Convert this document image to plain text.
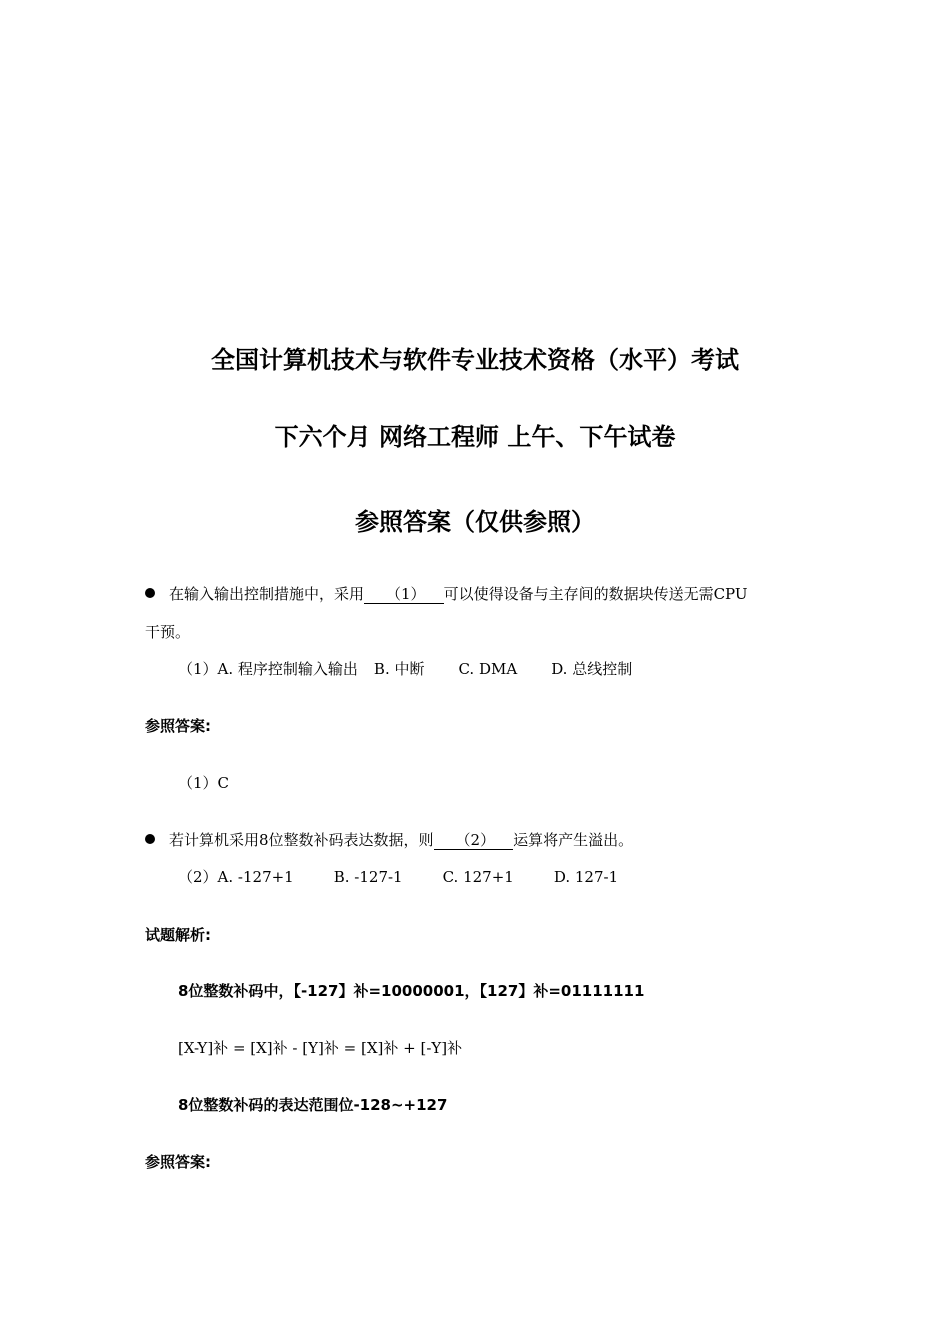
全国计算机技术与软件专业技术资格（水平）考试
下六个月 网络工程师 上午、下午试卷
参照答案（仅供参照）
在输入输出控制措施中，采用 （1） 可以使得设备与主存间的数据块传送无需CPU
干预。
（1）A. 程序控制输入输出 B. 中断 C. DMA D. 总线控制
参照答案:
（1）C
若计算机采用8位整数补码表达数据，则 （2） 运算将产生溢出。
（2）A. -127+1	B. -127-1	C. 127+1	D. 127-1
试题解析:
8位整数补码中，【-127】补=10000001，【127】补=01111111
[X-Y]补 = [X]补 - [Y]补 = [X]补 + [-Y]补
8位整数补码的表达范围位-128~+127
参照答案:
